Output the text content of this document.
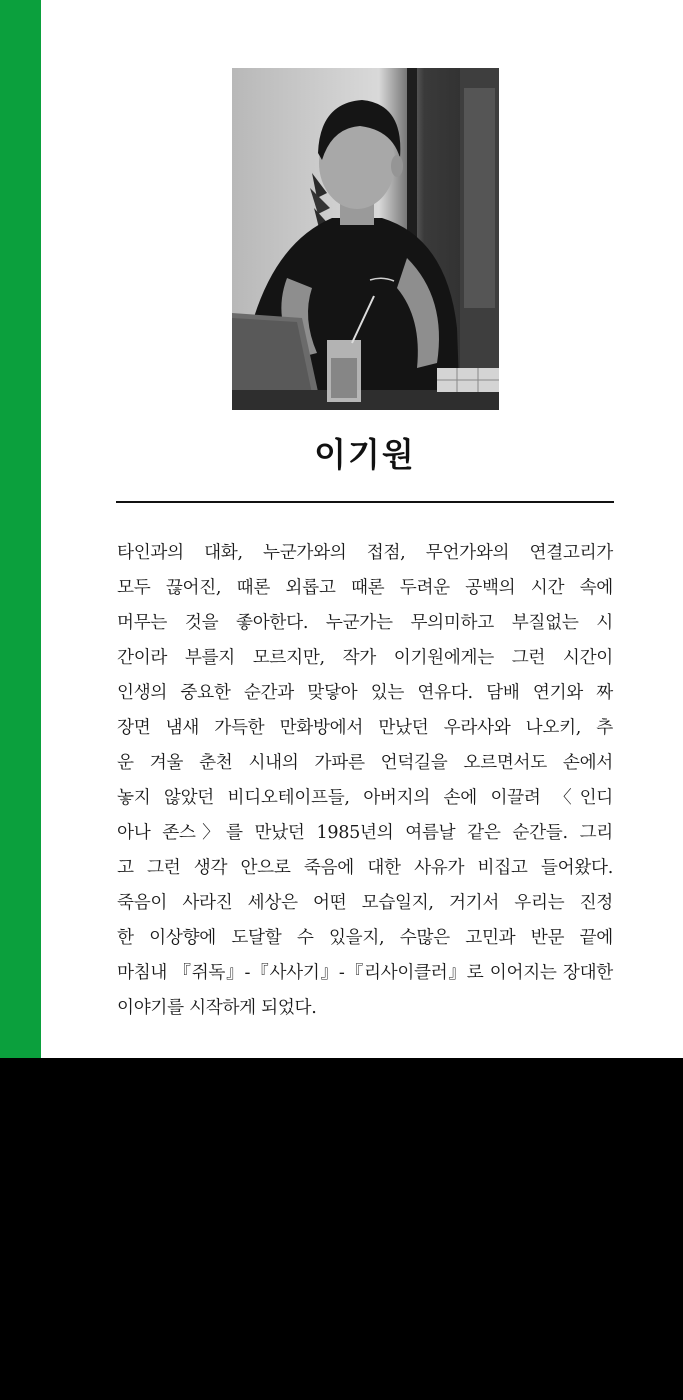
이기원
타인과의 대화, 누군가와의 접점, 무언가와의 연결고리가
모두 끊어진, 때론 외롭고 때론 두려운 공백의 시간 속에
머무는 것을 좋아한다. 누군가는 무의미하고 부질없는 시
간이라 부를지 모르지만, 작가 이기원에게는 그런 시간이
인생의 중요한 순간과 맞닿아 있는 연유다. 담배 연기와 짜
장면 냄새 가득한 만화방에서 만났던 우라사와 나오키, 추
운 겨울 춘천 시내의 가파른 언덕길을 오르면서도 손에서
놓지 않았던 비디오테이프들, 아버지의 손에 이끌려 〈인디
아나 존스〉를 만났던 1985년의 여름날 같은 순간들. 그리
고 그런 생각 안으로 죽음에 대한 사유가 비집고 들어왔다.
죽음이 사라진 세상은 어떤 모습일지, 거기서 우리는 진정
한 이상향에 도달할 수 있을지, 수많은 고민과 반문 끝에
마침내 『쥐독』-『사사기』-『리사이클러』로 이어지는 장대한
이야기를 시작하게 되었다.
